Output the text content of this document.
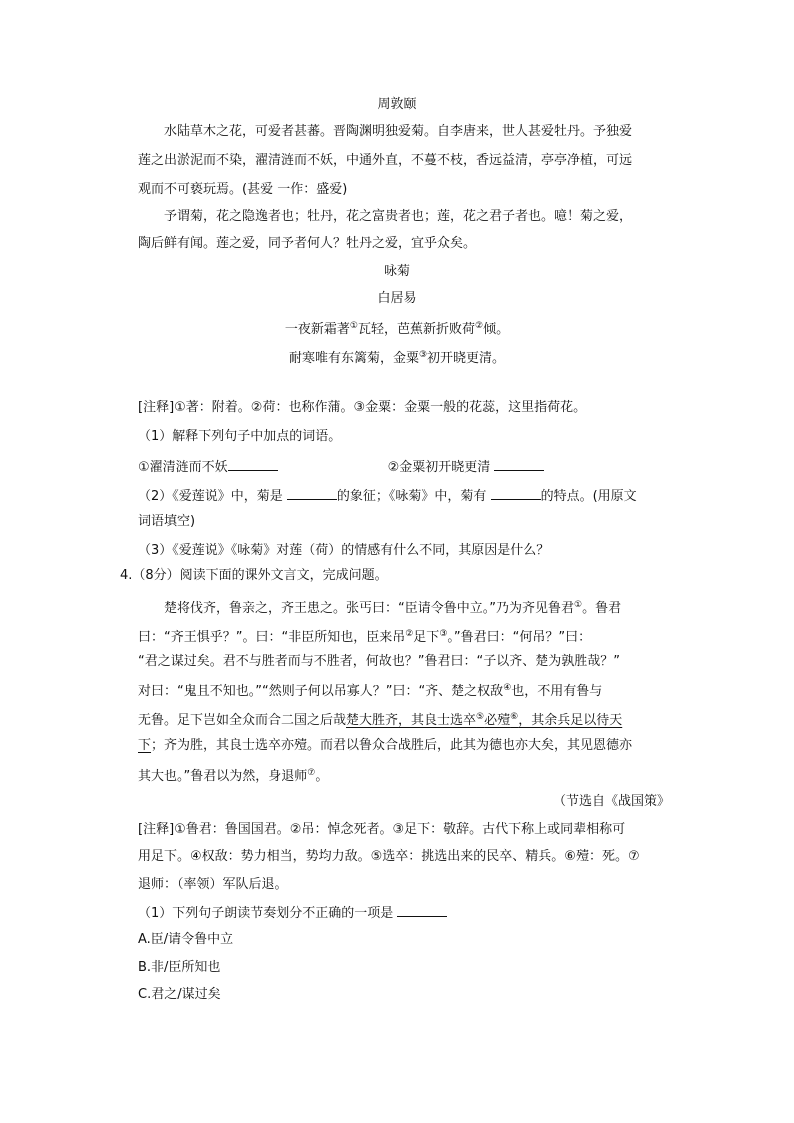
周敦颐
水陆草木之花，可爱者甚蕃。晋陶渊明独爱菊。自李唐来，世人甚爱牡丹。予独爱
莲之出淤泥而不染，濯清涟而不妖，中通外直，不蔓不枝，香远益清，亭亭净植，可远
观而不可亵玩焉。(甚爱 一作：盛爱)
予谓菊，花之隐逸者也；牡丹，花之富贵者也；莲，花之君子者也。噫！菊之爱，
陶后鲜有闻。莲之爱，同予者何人？牡丹之爱，宜乎众矣。
咏菊
白居易
一夜新霜著①瓦轻，芭蕉新折败荷②倾。
耐寒唯有东篱菊，金粟③初开晓更清。
[注释]①著：附着。②荷：也称作蒲。③金粟：金粟一般的花蕊，这里指荷花。
（1）解释下列句子中加点的词语。
①濯清涟而不妖	②金粟初开晓更清
（2）《爱莲说》中，菊是	的象征；《咏菊》中，菊有	的特点。(用原文
词语填空)
（3）《爱莲说》《咏菊》对莲（荷）的情感有什么不同，其原因是什么？
4.（8分）阅读下面的课外文言文，完成问题。
楚将伐齐，鲁亲之，齐王患之。张丐曰：“臣请令鲁中立。”乃为齐见鲁君①。鲁君
曰：“齐王惧乎？”。曰：“非臣所知也，臣来吊②足下③。”鲁君曰：“何吊？”曰：
“君之谋过矣。君不与胜者而与不胜者，何故也？”鲁君曰：“子以齐、楚为孰胜哉？”
对曰：“鬼且不知也。”“然则子何以吊寡人？”曰：“齐、楚之权敌④也，不用有鲁与
无鲁。足下岂如全众而合二国之后哉楚大胜齐，其良士选卒⑤必殪⑥，其余兵足以待天
下；齐为胜，其良士选卒亦殪。而君以鲁众合战胜后，此其为德也亦大矣，其见恩德亦
其大也。”鲁君以为然，身退师⑦。
（节选自《战国策》
[注释]①鲁君：鲁国国君。②吊：悼念死者。③足下：敬辞。古代下称上或同辈相称可
用足下。④权敌：势力相当，势均力敌。⑤选卒：挑选出来的民卒、精兵。⑥殪：死。⑦
退师：（率领）军队后退。
（1）下列句子朗读节奏划分不正确的一项是
A.臣/请令鲁中立
B.非/臣所知也
C.君之/谋过矣
